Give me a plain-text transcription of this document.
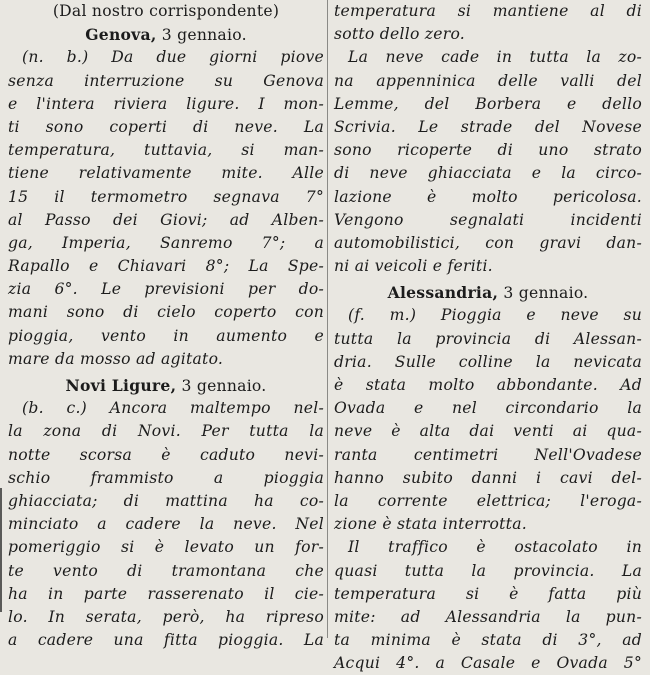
(Dal nostro corrispondente)
Genova, 3 gennaio.
(n. b.) Da due giorni piove
senza interruzione su Genova
e l'intera riviera ligure. I mon-
ti sono coperti di neve. La
temperatura, tuttavia, si man-
tiene relativamente mite. Alle
15 il termometro segnava 7°
al Passo dei Giovi; ad Alben-
ga, Imperia, Sanremo 7°; a
Rapallo e Chiavari 8°; La Spe-
zia 6°. Le previsioni per do-
mani sono di cielo coperto con
pioggia, vento in aumento e
mare da mosso ad agitato.
Novi Ligure, 3 gennaio.
(b. c.) Ancora maltempo nel-
la zona di Novi. Per tutta la
notte scorsa è caduto nevi-
schio frammisto a pioggia
ghiacciata; di mattina ha co-
minciato a cadere la neve. Nel
pomeriggio si è levato un for-
te vento di tramontana che
ha in parte rasserenato il cie-
lo. In serata, però, ha ripreso
a cadere una fitta pioggia. La
temperatura si mantiene al di
sotto dello zero.
La neve cade in tutta la zo-
na appenninica delle valli del
Lemme, del Borbera e dello
Scrivia. Le strade del Novese
sono ricoperte di uno strato
di neve ghiacciata e la circo-
lazione è molto pericolosa.
Vengono segnalati incidenti
automobilistici, con gravi dan-
ni ai veicoli e feriti.
Alessandria, 3 gennaio.
(f. m.) Pioggia e neve su
tutta la provincia di Alessan-
dria. Sulle colline la nevicata
è stata molto abbondante. Ad
Ovada e nel circondario la
neve è alta dai venti ai qua-
ranta centimetri Nell'Ovadese
hanno subito danni i cavi del-
la corrente elettrica; l'eroga-
zione è stata interrotta.
Il traffico è ostacolato in
quasi tutta la provincia. La
temperatura si è fatta più
mite: ad Alessandria la pun-
ta minima è stata di 3°, ad
Acqui 4°. a Casale e Ovada 5°
